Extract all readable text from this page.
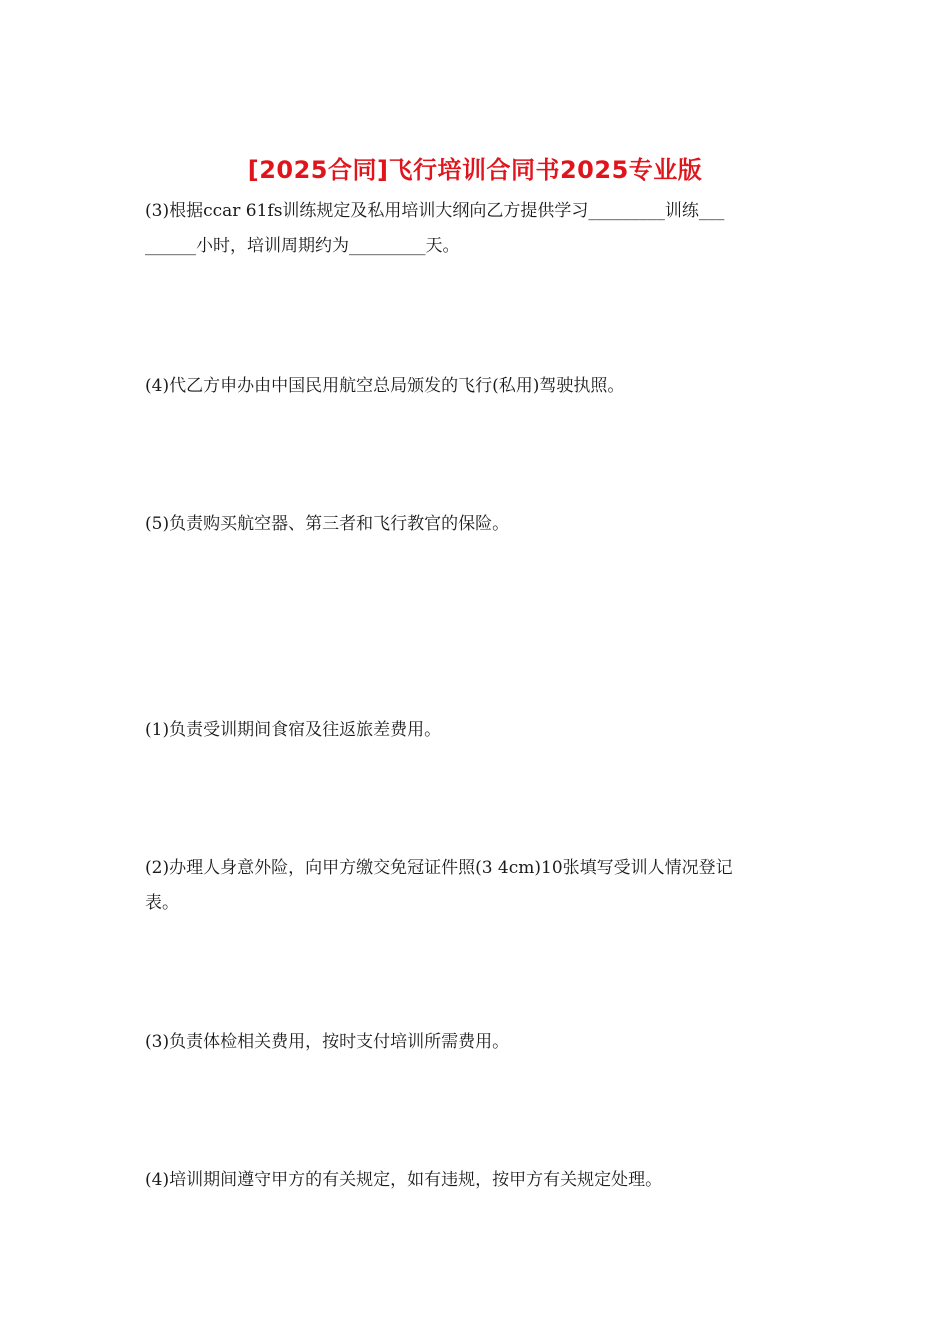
[2025合同]飞行培训合同书2025专业版
(3)根据ccar 61fs训练规定及私用培训大纲向乙方提供学习_________训练___
______小时，培训周期约为_________天。
(4)代乙方申办由中国民用航空总局颁发的飞行(私用)驾驶执照。
(5)负责购买航空器、第三者和飞行教官的保险。
(1)负责受训期间食宿及往返旅差费用。
(2)办理人身意外险，向甲方缴交免冠证件照(3 4cm)10张填写受训人情况登记
表。
(3)负责体检相关费用，按时支付培训所需费用。
(4)培训期间遵守甲方的有关规定，如有违规，按甲方有关规定处理。
